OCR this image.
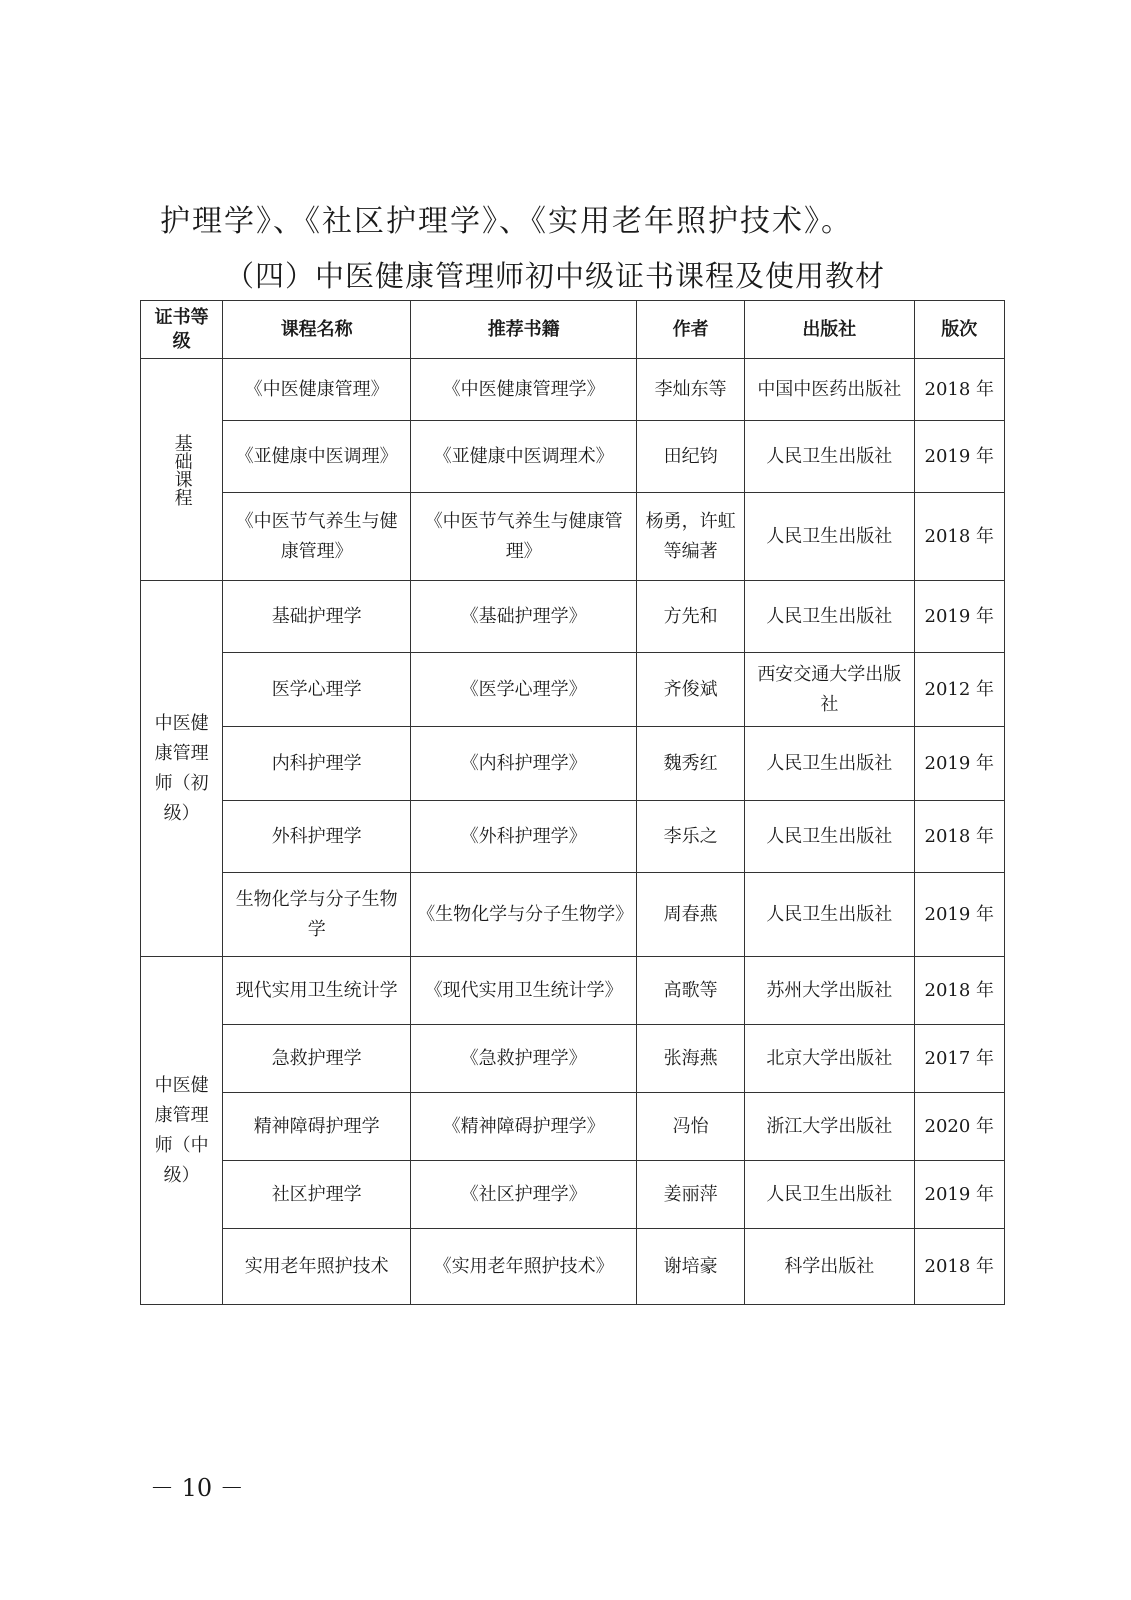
护理学》、《社区护理学》、《实用老年照护技术》。
（四）中医健康管理师初中级证书课程及使用教材
证书等级	课程名称	推荐书籍	作者	出版社	版次

基础课程	《中医健康管理》	《中医健康管理学》	李灿东等	中国中医药出版社	2018 年
	《亚健康中医调理》	《亚健康中医调理术》	田纪钧	人民卫生出版社	2019 年
	《中医节气养生与健康管理》	《中医节气养生与健康管理》	杨勇，许虹等编著	人民卫生出版社	2018 年
中医健康管理师（初级）	基础护理学	《基础护理学》	方先和	人民卫生出版社	2019 年
	医学心理学	《医学心理学》	齐俊斌	西安交通大学出版社	2012 年
	内科护理学	《内科护理学》	魏秀红	人民卫生出版社	2019 年
	外科护理学	《外科护理学》	李乐之	人民卫生出版社	2018 年
	生物化学与分子生物学	《生物化学与分子生物学》	周春燕	人民卫生出版社	2019 年
中医健康管理师（中级）	现代实用卫生统计学	《现代实用卫生统计学》	高歌等	苏州大学出版社	2018 年
	急救护理学	《急救护理学》	张海燕	北京大学出版社	2017 年
	精神障碍护理学	《精神障碍护理学》	冯怡	浙江大学出版社	2020 年
	社区护理学	《社区护理学》	姜丽萍	人民卫生出版社	2019 年
	实用老年照护技术	《实用老年照护技术》	谢培豪	科学出版社	2018 年
－ 10 －
